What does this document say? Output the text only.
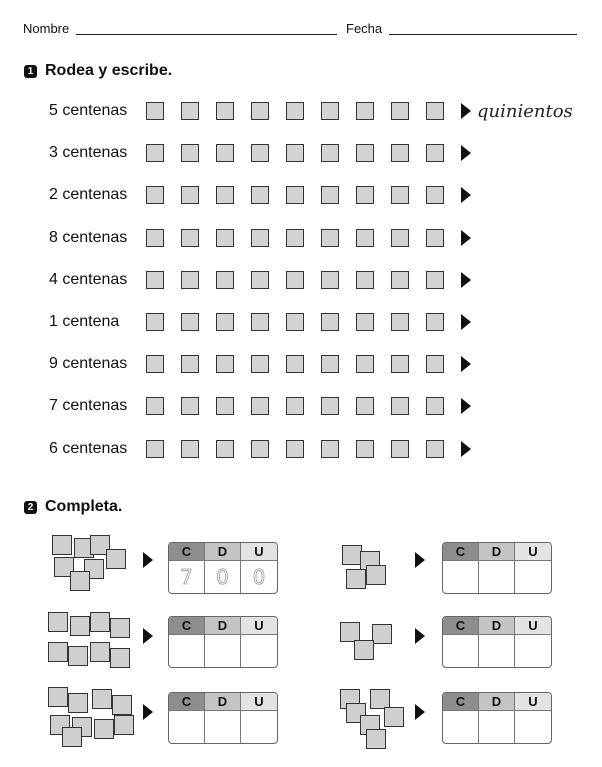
Nombre	Fecha
1 Rodea y escribe.
5 centenas	quinientos
3 centenas
2 centenas
8 centenas
4 centenas
1 centena
9 centenas
7 centenas
6 centenas
2 Completa.
C	D	U
7 0 0
C	D	U
C	D	U	C	D	U
C	D	U	C	D	U
